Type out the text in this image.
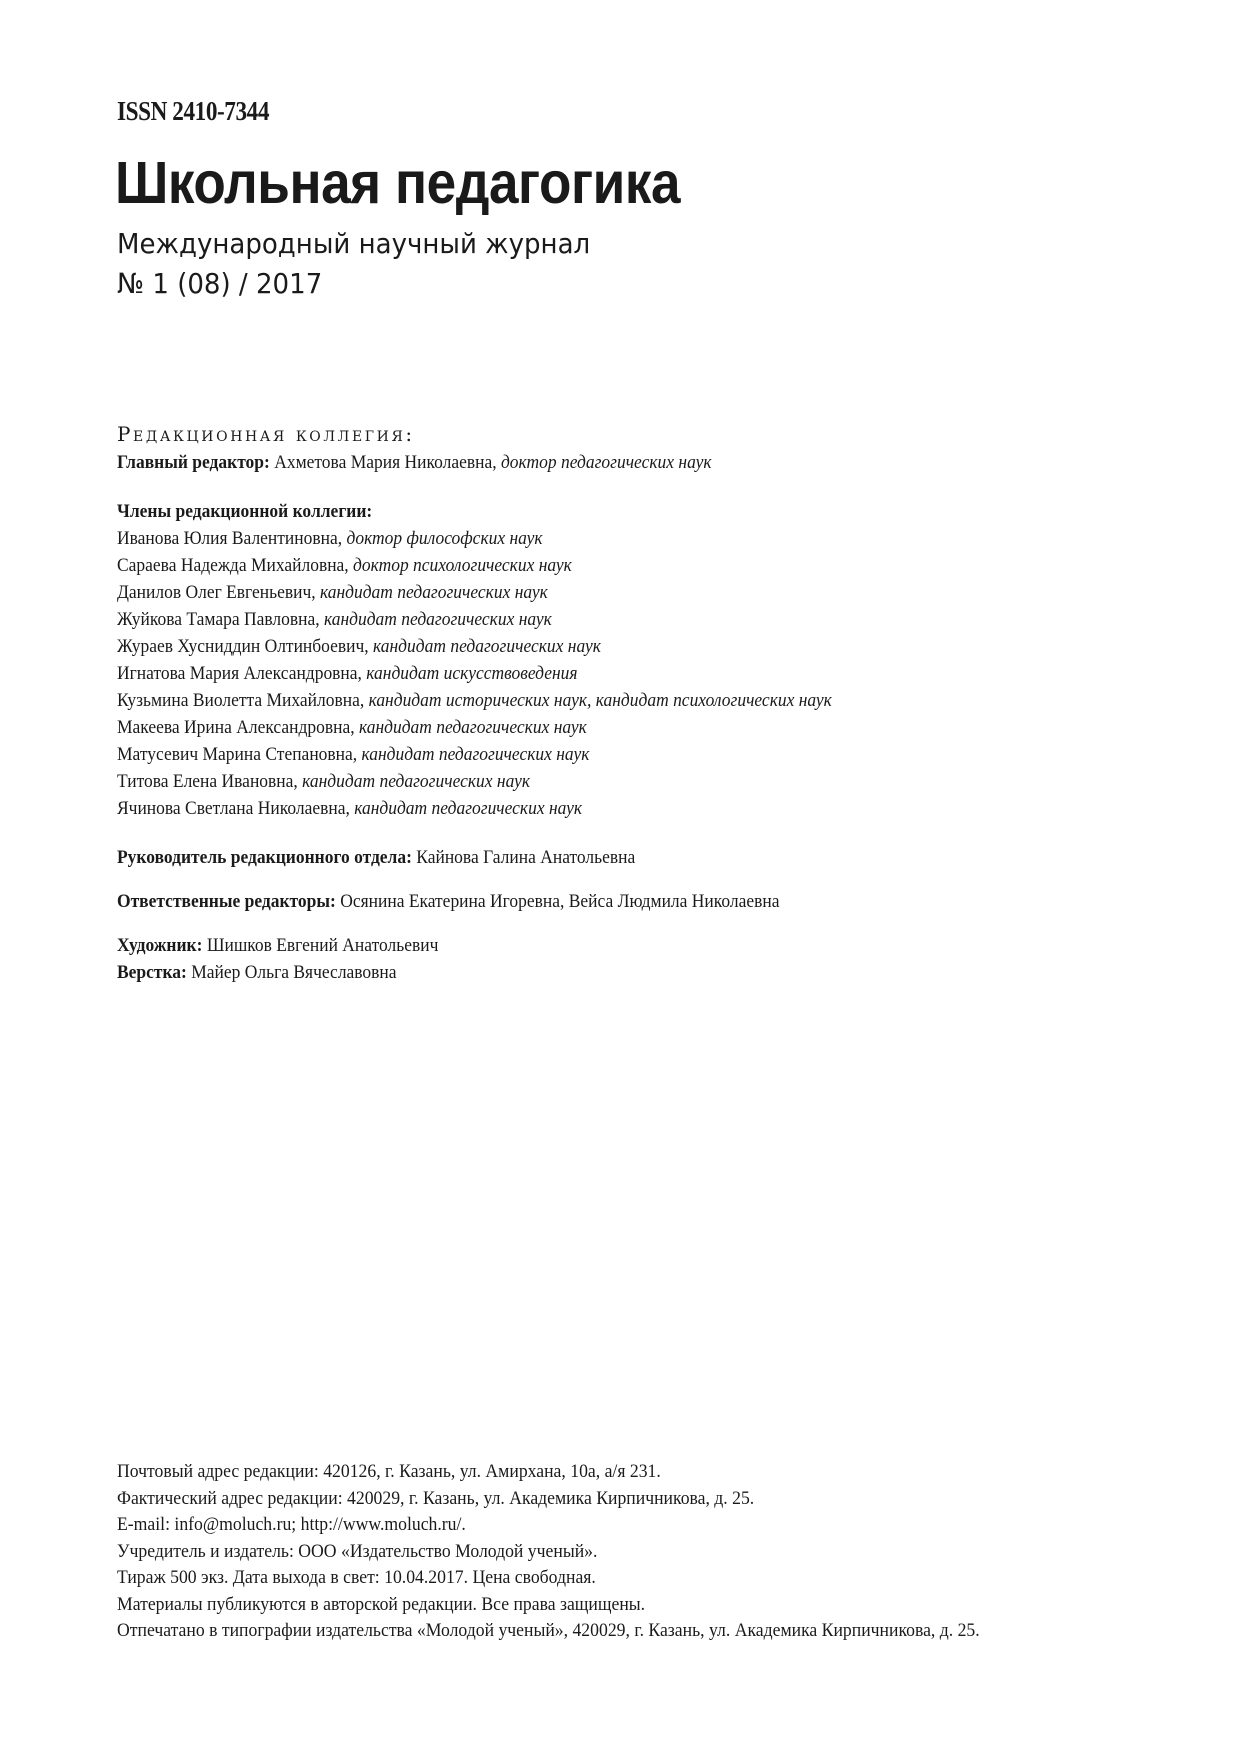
ISSN 2410-7344
Школьная педагогика
Международный научный журнал
№ 1 (08) / 2017
Редакционная коллегия:
Главный редактор: Ахметова Мария Николаевна, доктор педагогических наук
Члены редакционной коллегии:
Иванова Юлия Валентиновна, доктор философских наук
Сараева Надежда Михайловна, доктор психологических наук
Данилов Олег Евгеньевич, кандидат педагогических наук
Жуйкова Тамара Павловна, кандидат педагогических наук
Жураев Хусниддин Олтинбоевич, кандидат педагогических наук
Игнатова Мария Александровна, кандидат искусствоведения
Кузьмина Виолетта Михайловна, кандидат исторических наук, кандидат психологических наук
Макеева Ирина Александровна, кандидат педагогических наук
Матусевич Марина Степановна, кандидат педагогических наук
Титова Елена Ивановна, кандидат педагогических наук
Ячинова Светлана Николаевна, кандидат педагогических наук
Руководитель редакционного отдела: Кайнова Галина Анатольевна
Ответственные редакторы: Осянина Екатерина Игоревна, Вейса Людмила Николаевна
Художник: Шишков Евгений Анатольевич
Верстка: Майер Ольга Вячеславовна
Почтовый адрес редакции: 420126, г. Казань, ул. Амирхана, 10а, а/я 231.
Фактический адрес редакции: 420029, г. Казань, ул. Академика Кирпичникова, д. 25.
E-mail: info@moluch.ru; http://www.moluch.ru/.
Учредитель и издатель: ООО «Издательство Молодой ученый».
Тираж 500 экз. Дата выхода в свет: 10.04.2017. Цена свободная.
Материалы публикуются в авторской редакции. Все права защищены.
Отпечатано в типографии издательства «Молодой ученый», 420029, г. Казань, ул. Академика Кирпичникова, д. 25.
